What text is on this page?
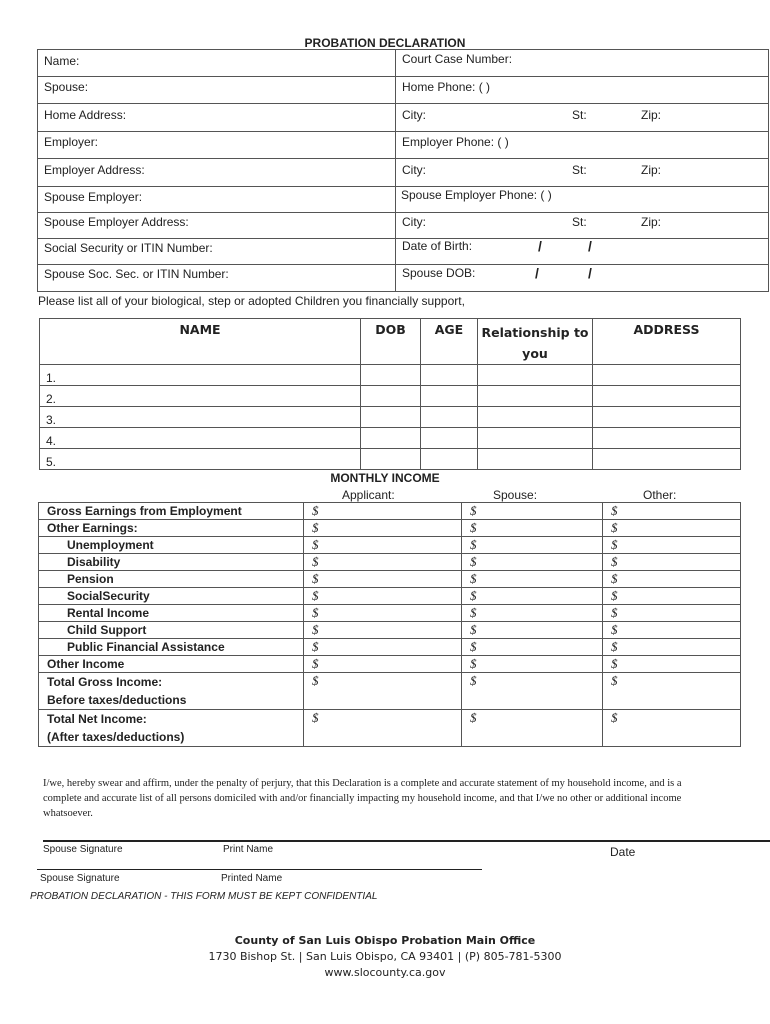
PROBATION DECLARATION
Name:	Court Case Number:
Spouse:	Home Phone: ( )
Home Address:	City:	St:	Zip:
Employer:	Employer Phone: ( )
Employer Address:	City:	St:	Zip:
Spouse Employer:	Spouse Employer Phone: ( )
Spouse Employer Address:	City:	St:	Zip:
Social Security or ITIN Number:	Date of Birth:	/	/
Spouse Soc. Sec. or ITIN Number:	Spouse DOB:	/	/
Please list all of your biological, step or adopted Children you financially support,
NAME	DOB	AGE	Relationship to you	ADDRESS
1.				
2.				
3.				
4.				
5.				
MONTHLY INCOME
Applicant:	Spouse:	Other:
Gross Earnings from Employment	$	$	$
Other Earnings:	$	$	$
Unemployment	$	$	$
Disability	$	$	$
Pension	$	$	$
SocialSecurity	$	$	$
Rental Income	$	$	$
Child Support	$	$	$
Public Financial Assistance	$	$	$
Other Income	$	$	$

Total Gross Income:
Before taxes/deductions	$	$	$

Total Net Income:
(After taxes/deductions)	$	$	$
I/we, hereby swear and affirm, under the penalty of perjury, that this Declaration is a complete and accurate statement of my household income, and is a complete and accurate list of all persons domiciled with and/or financially impacting my household income, and that I/we no other or additional income whatsoever.
Spouse Signature	Print Name	Date
Spouse Signature	Printed Name
PROBATION DECLARATION - THIS FORM MUST BE KEPT CONFIDENTIAL
County of San Luis Obispo Probation Main Office
1730 Bishop St. | San Luis Obispo, CA 93401 | (P) 805-781-5300
www.slocounty.ca.gov
